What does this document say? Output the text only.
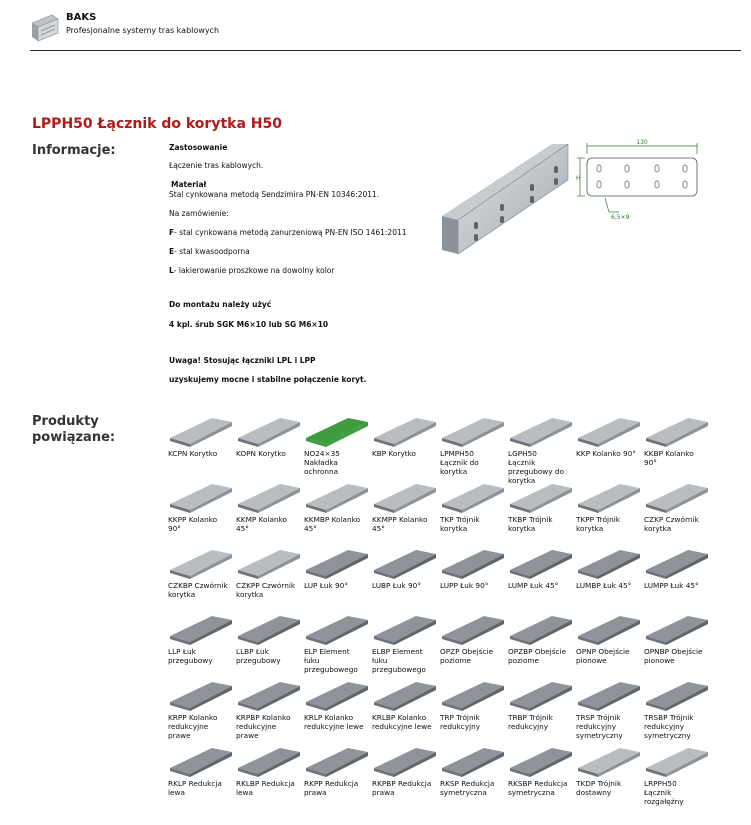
BAKS
Profesjonalne systemy tras kablowych
LPPH50 Łącznik do korytka H50
Informacje:	Zastosowanie

Łączenie tras kablowych.

Materiał

Stal cynkowana metodą Sendzimira PN-EN 10346:2011.

Na zamówienie:

F- stal cynkowana metodą zanurzeniową PN-EN ISO 1461:2011

E- stal kwasoodporna

L- lakierowanie proszkowe na dowolny kolor

Do montażu należy użyć

4 kpl. śrub SGK M6×10 lub SG M6×10

Uwaga! Stosując łączniki LPL i LPP

uzyskujemy mocne i stabilne połączenie koryt.

130
H
6,5×9
Produkty
powiązane:
KCPN Korytko	KOPN Korytko	NO24×35
Nakładka
ochronna
KBP Korytko	LPMPH50
Łącznik do
korytka
LGPH50
Łącznik
przegubowy do
korytka
KKP Kolanko 90°	KKBP Kolanko
90°
KKPP Kolanko
90°
KKMP Kolanko
45°
KKMBP Kolanko
45°
KKMPP Kolanko
45°
TKP Trójnik
korytka
TKBP Trójnik
korytka
TKPP Trójnik
korytka
CZKP Czwórnik
korytka
CZKBP Czwórnik
korytka
CZKPP Czwórnik
korytka
LUP Łuk 90°	LUBP Łuk 90°	LUPP Łuk 90°	LUMP Łuk 45°	LUMBP Łuk 45°	LUMPP Łuk 45°
LLP Łuk
przegubowy
LLBP Łuk
przegubowy
ELP Element
łuku
przegubowego
ELBP Element
łuku
przegubowego
OPZP Obejście
poziome
OPZBP Obejście
poziome
OPNP Obejście
pionowe
OPNBP Obejście
pionowe
KRPP Kolanko
redukcyjne
prawe
KRPBP Kolanko
redukcyjne
prawe
KRLP Kolanko
redukcyjne lewe
KRLBP Kolanko
redukcyjne lewe
TRP Trójnik
redukcyjny
TRBP Trójnik
redukcyjny
TRSP Trójnik
redukcyjny
symetryczny
TRSBP Trójnik
redukcyjny
symetryczny
RKLP Redukcja
lewa
RKLBP Redukcja
lewa
RKPP Redukcja
prawa
RKPBP Redukcja
prawa
RKSP Redukcja
symetryczna
RKSBP Redukcja
symetryczna
TKDP Trójnik
dostawny
LRPPH50
Łącznik
rozgałęźny
